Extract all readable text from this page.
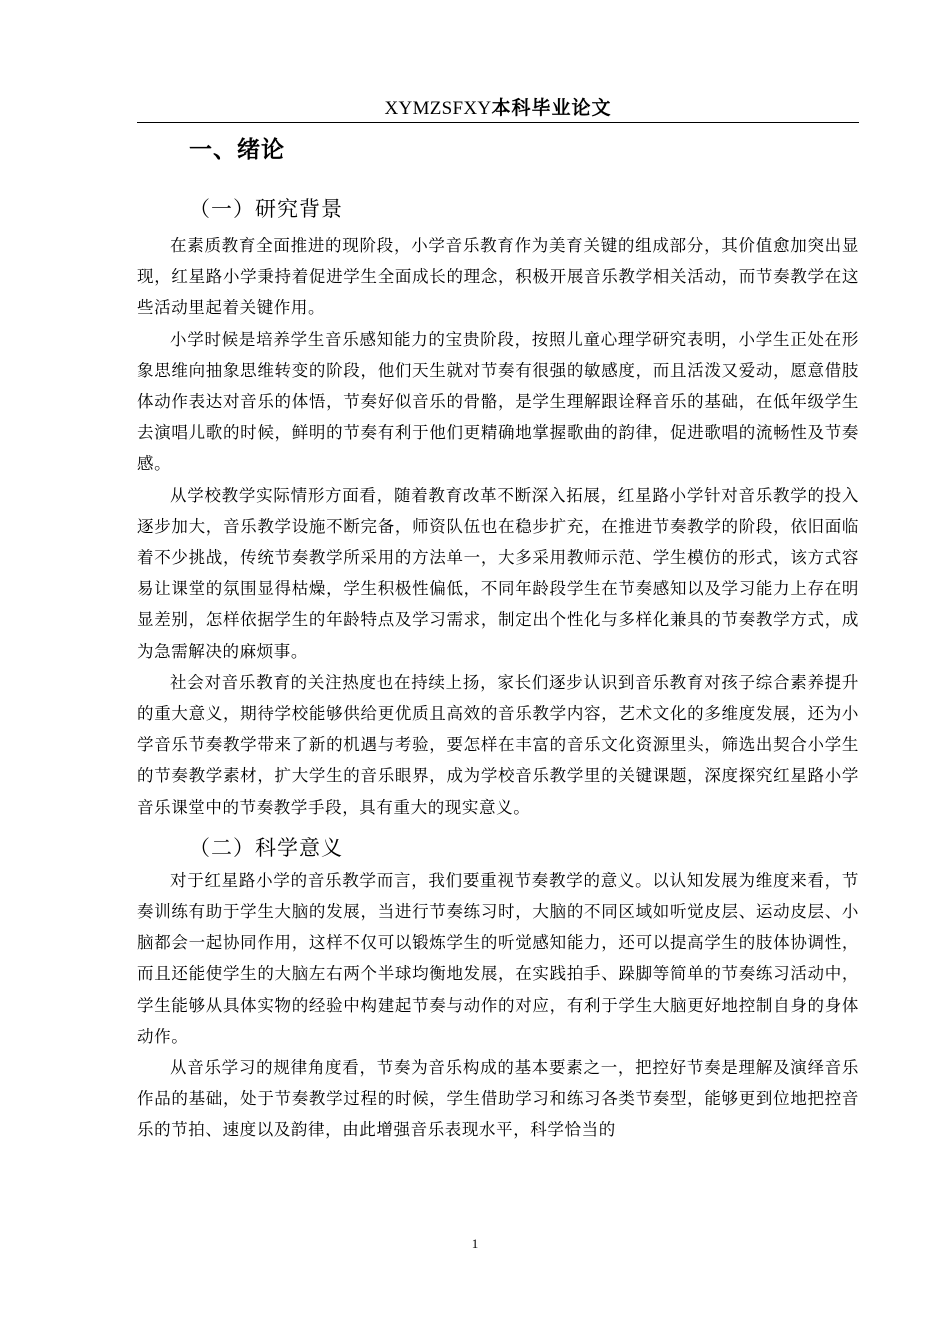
XYMZSFXY本科毕业论文
一、绪论
（一）研究背景

在素质教育全面推进的现阶段，小学音乐教育作为美育关键的组成部分，其价值愈加突出显现，红星路小学秉持着促进学生全面成长的理念，积极开展音乐教学相关活动，而节奏教学在这些活动里起着关键作用。

小学时候是培养学生音乐感知能力的宝贵阶段，按照儿童心理学研究表明，小学生正处在形象思维向抽象思维转变的阶段，他们天生就对节奏有很强的敏感度，而且活泼又爱动，愿意借肢体动作表达对音乐的体悟，节奏好似音乐的骨骼，是学生理解跟诠释音乐的基础，在低年级学生去演唱儿歌的时候，鲜明的节奏有利于他们更精确地掌握歌曲的韵律，促进歌唱的流畅性及节奏感。

从学校教学实际情形方面看，随着教育改革不断深入拓展，红星路小学针对音乐教学的投入逐步加大，音乐教学设施不断完备，师资队伍也在稳步扩充，在推进节奏教学的阶段，依旧面临着不少挑战，传统节奏教学所采用的方法单一，大多采用教师示范、学生模仿的形式，该方式容易让课堂的氛围显得枯燥，学生积极性偏低，不同年龄段学生在节奏感知以及学习能力上存在明显差别，怎样依据学生的年龄特点及学习需求，制定出个性化与多样化兼具的节奏教学方式，成为急需解决的麻烦事。

社会对音乐教育的关注热度也在持续上扬，家长们逐步认识到音乐教育对孩子综合素养提升的重大意义，期待学校能够供给更优质且高效的音乐教学内容，艺术文化的多维度发展，还为小学音乐节奏教学带来了新的机遇与考验，要怎样在丰富的音乐文化资源里头，筛选出契合小学生的节奏教学素材，扩大学生的音乐眼界，成为学校音乐教学里的关键课题，深度探究红星路小学音乐课堂中的节奏教学手段，具有重大的现实意义。

（二）科学意义

对于红星路小学的音乐教学而言，我们要重视节奏教学的意义。以认知发展为维度来看，节奏训练有助于学生大脑的发展，当进行节奏练习时，大脑的不同区域如听觉皮层、运动皮层、小脑都会一起协同作用，这样不仅可以锻炼学生的听觉感知能力，还可以提高学生的肢体协调性，而且还能使学生的大脑左右两个半球均衡地发展，在实践拍手、跺脚等简单的节奏练习活动中，学生能够从具体实物的经验中构建起节奏与动作的对应，有利于学生大脑更好地控制自身的身体动作。

从音乐学习的规律角度看，节奏为音乐构成的基本要素之一，把控好节奏是理解及演绎音乐作品的基础，处于节奏教学过程的时候，学生借助学习和练习各类节奏型，能够更到位地把控音乐的节拍、速度以及韵律，由此增强音乐表现水平，科学恰当的

1
